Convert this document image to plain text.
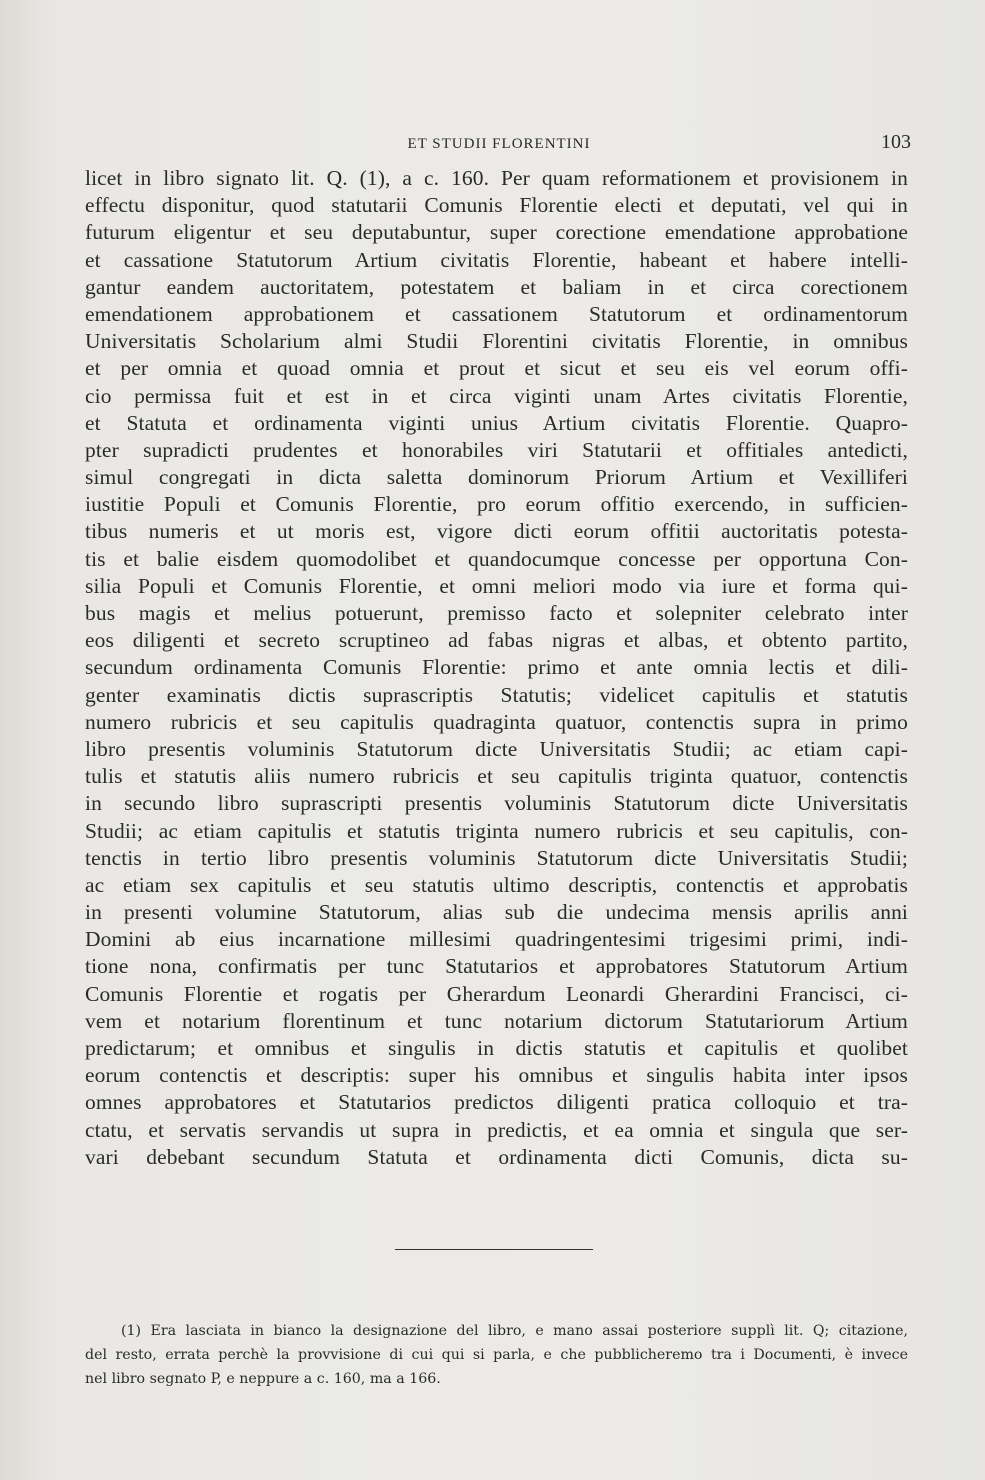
ET STUDII FLORENTINI	103
licet in libro signato lit. Q. (1), a c. 160. Per quam reformationem et provisionem in
effectu disponitur, quod statutarii Comunis Florentie electi et deputati, vel qui in
futurum eligentur et seu deputabuntur, super corectione emendatione approbatione
et cassatione Statutorum Artium civitatis Florentie, habeant et habere intelli-
gantur eandem auctoritatem, potestatem et baliam in et circa corectionem
emendationem approbationem et cassationem Statutorum et ordinamentorum
Universitatis Scholarium almi Studii Florentini civitatis Florentie, in omnibus
et per omnia et quoad omnia et prout et sicut et seu eis vel eorum offi-
cio permissa fuit et est in et circa viginti unam Artes civitatis Florentie,
et Statuta et ordinamenta viginti unius Artium civitatis Florentie. Quapro-
pter supradicti prudentes et honorabiles viri Statutarii et offitiales antedicti,
simul congregati in dicta saletta dominorum Priorum Artium et Vexilliferi
iustitie Populi et Comunis Florentie, pro eorum offitio exercendo, in sufficien-
tibus numeris et ut moris est, vigore dicti eorum offitii auctoritatis potesta-
tis et balie eisdem quomodolibet et quandocumque concesse per opportuna Con-
silia Populi et Comunis Florentie, et omni meliori modo via iure et forma qui-
bus magis et melius potuerunt, premisso facto et solepniter celebrato inter
eos diligenti et secreto scruptineo ad fabas nigras et albas, et obtento partito,
secundum ordinamenta Comunis Florentie: primo et ante omnia lectis et dili-
genter examinatis dictis suprascriptis Statutis; videlicet capitulis et statutis
numero rubricis et seu capitulis quadraginta quatuor, contenctis supra in primo
libro presentis voluminis Statutorum dicte Universitatis Studii; ac etiam capi-
tulis et statutis aliis numero rubricis et seu capitulis triginta quatuor, contenctis
in secundo libro suprascripti presentis voluminis Statutorum dicte Universitatis
Studii; ac etiam capitulis et statutis triginta numero rubricis et seu capitulis, con-
tenctis in tertio libro presentis voluminis Statutorum dicte Universitatis Studii;
ac etiam sex capitulis et seu statutis ultimo descriptis, contenctis et approbatis
in presenti volumine Statutorum, alias sub die undecima mensis aprilis anni
Domini ab eius incarnatione millesimi quadringentesimi trigesimi primi, indi-
tione nona, confirmatis per tunc Statutarios et approbatores Statutorum Artium
Comunis Florentie et rogatis per Gherardum Leonardi Gherardini Francisci, ci-
vem et notarium florentinum et tunc notarium dictorum Statutariorum Artium
predictarum; et omnibus et singulis in dictis statutis et capitulis et quolibet
eorum contenctis et descriptis: super his omnibus et singulis habita inter ipsos
omnes approbatores et Statutarios predictos diligenti pratica colloquio et tra-
ctatu, et servatis servandis ut supra in predictis, et ea omnia et singula que ser-
vari debebant secundum Statuta et ordinamenta dicti Comunis, dicta su-
(1) Era lasciata in bianco la designazione del libro, e mano assai posteriore supplì lit. Q; citazione,
del resto, errata perchè la provvisione di cui qui si parla, e che pubblicheremo tra i Documenti, è invece
nel libro segnato P, e neppure a c. 160, ma a 166.
